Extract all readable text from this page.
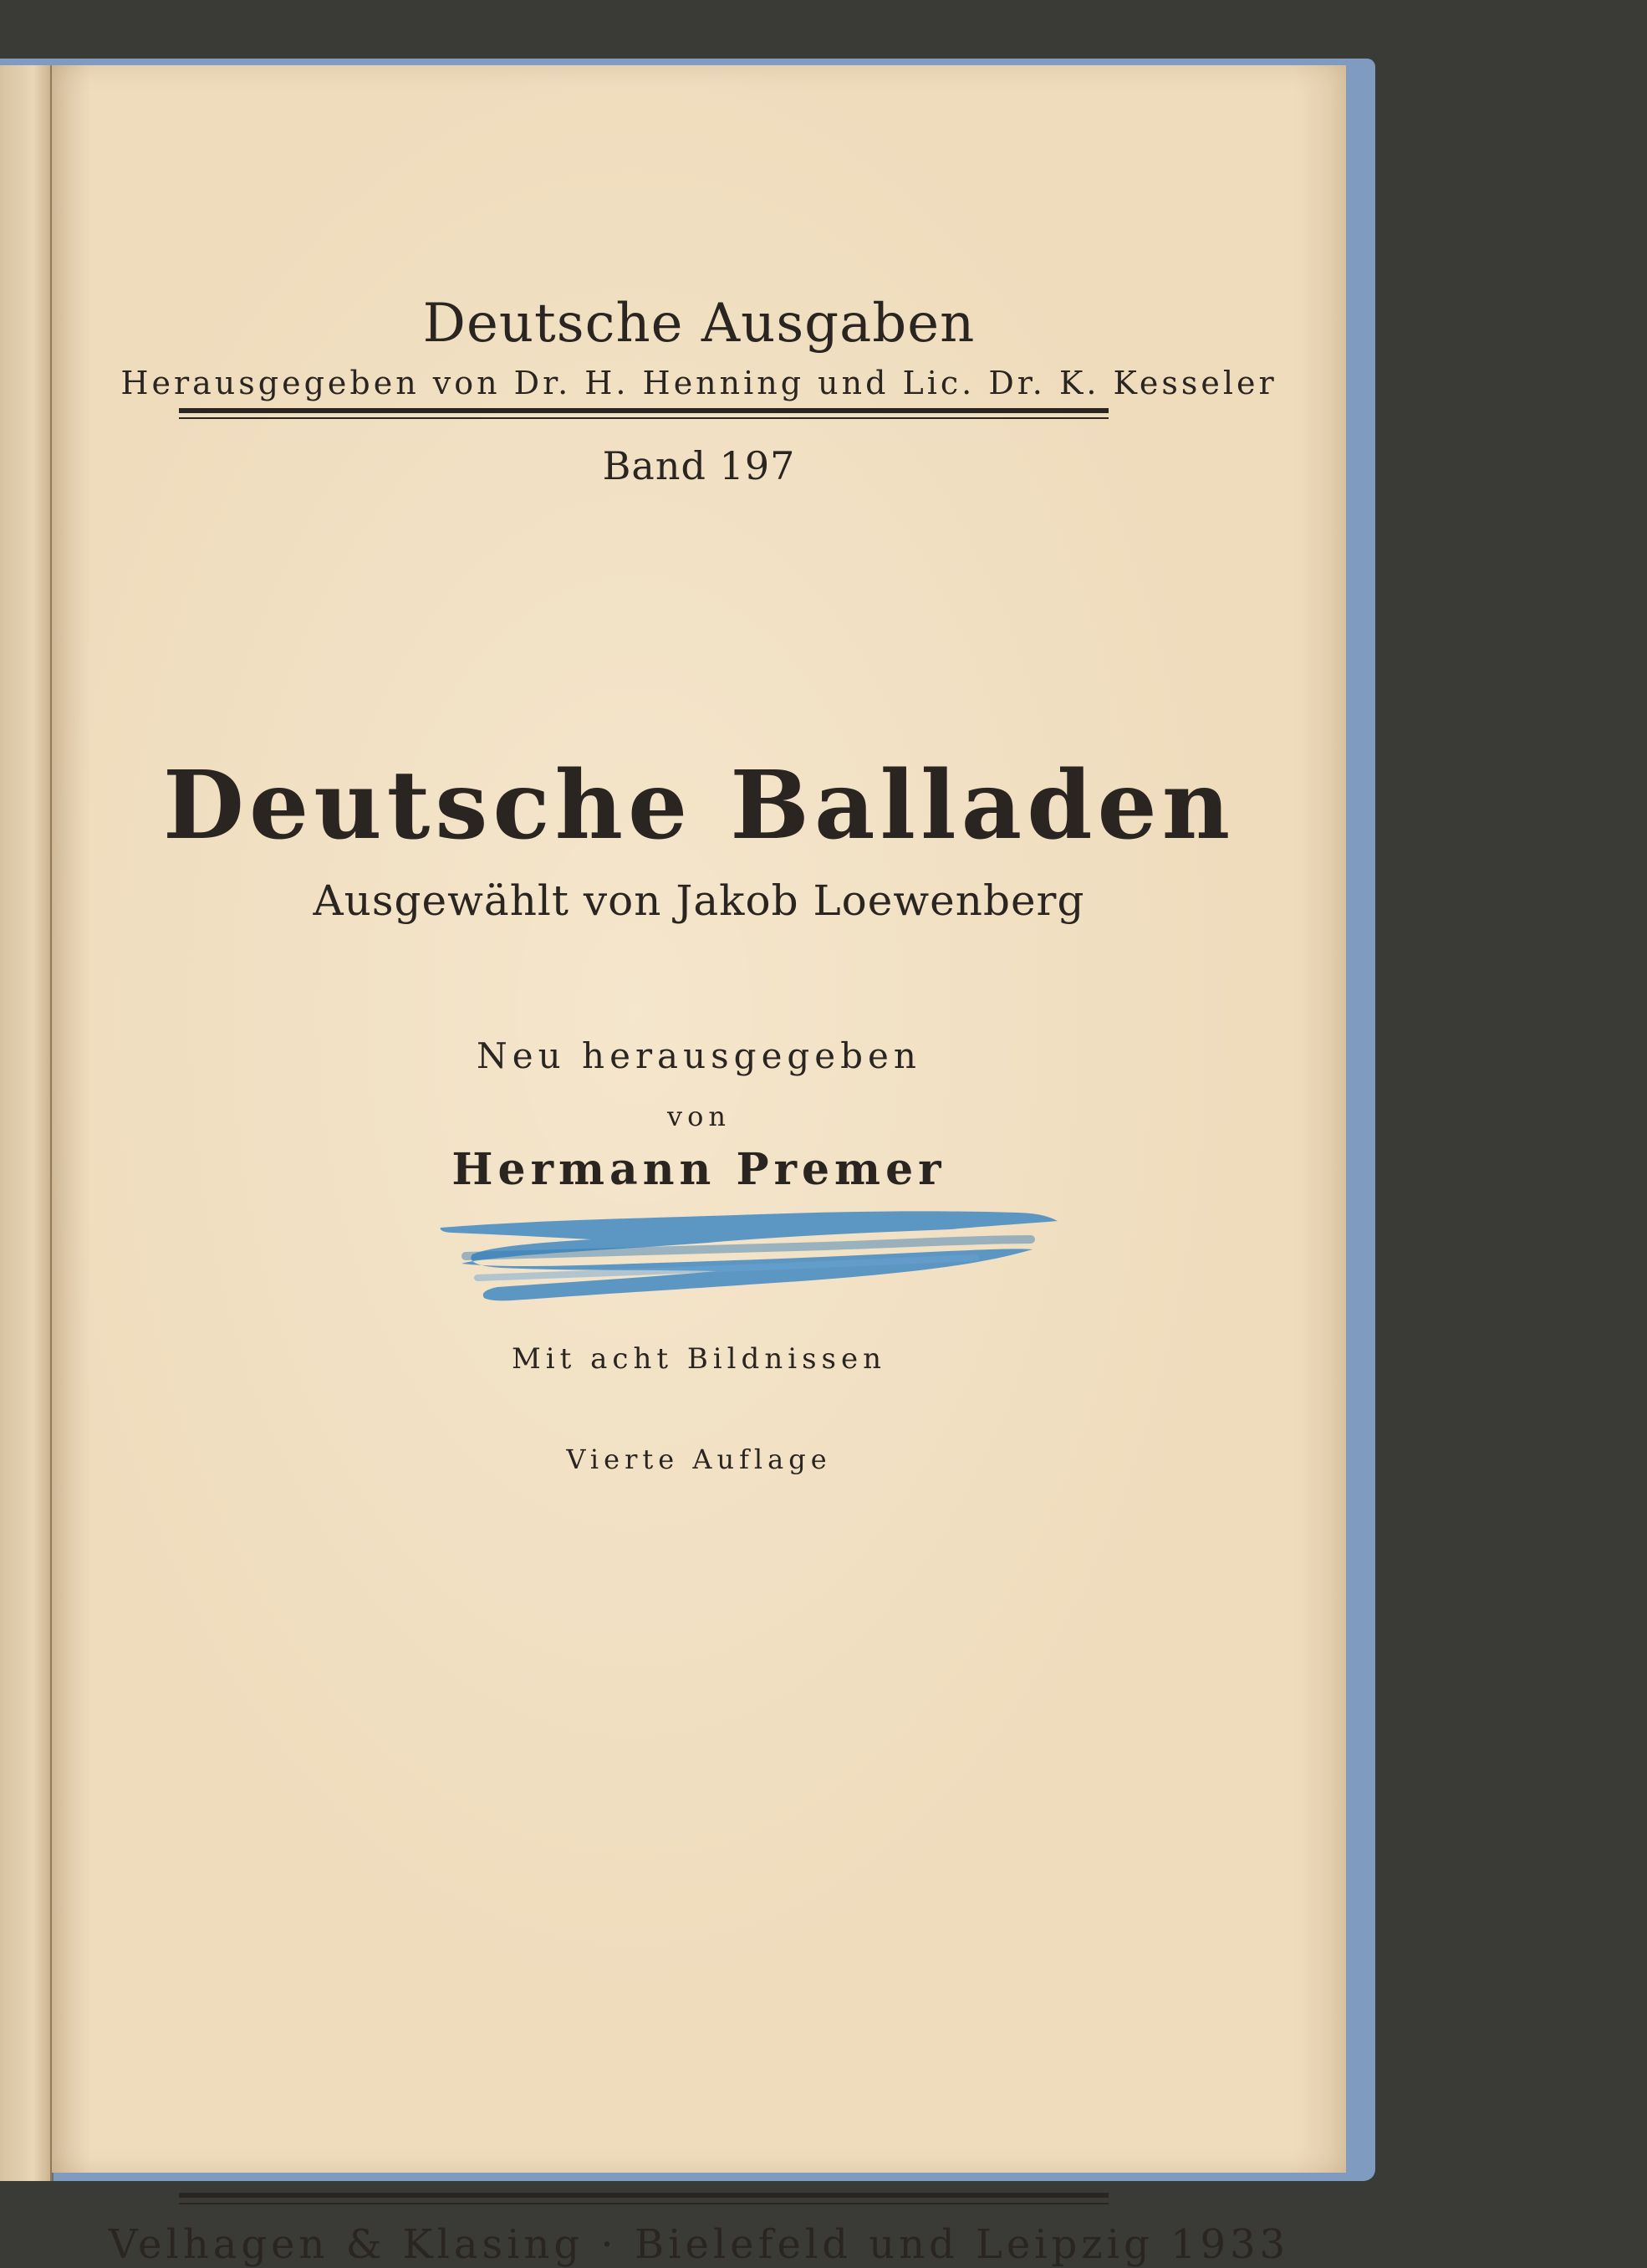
Deutsche Ausgaben
Herausgegeben von Dr. H. Henning und Lic. Dr. K. Kesseler
Band 197
Deutsche Balladen
Ausgewählt von Jakob Loewenberg
Neu herausgegeben
von
Hermann Premer
Mit acht Bildnissen
Vierte Auflage
Velhagen & Klasing · Bielefeld und Leipzig 1933
